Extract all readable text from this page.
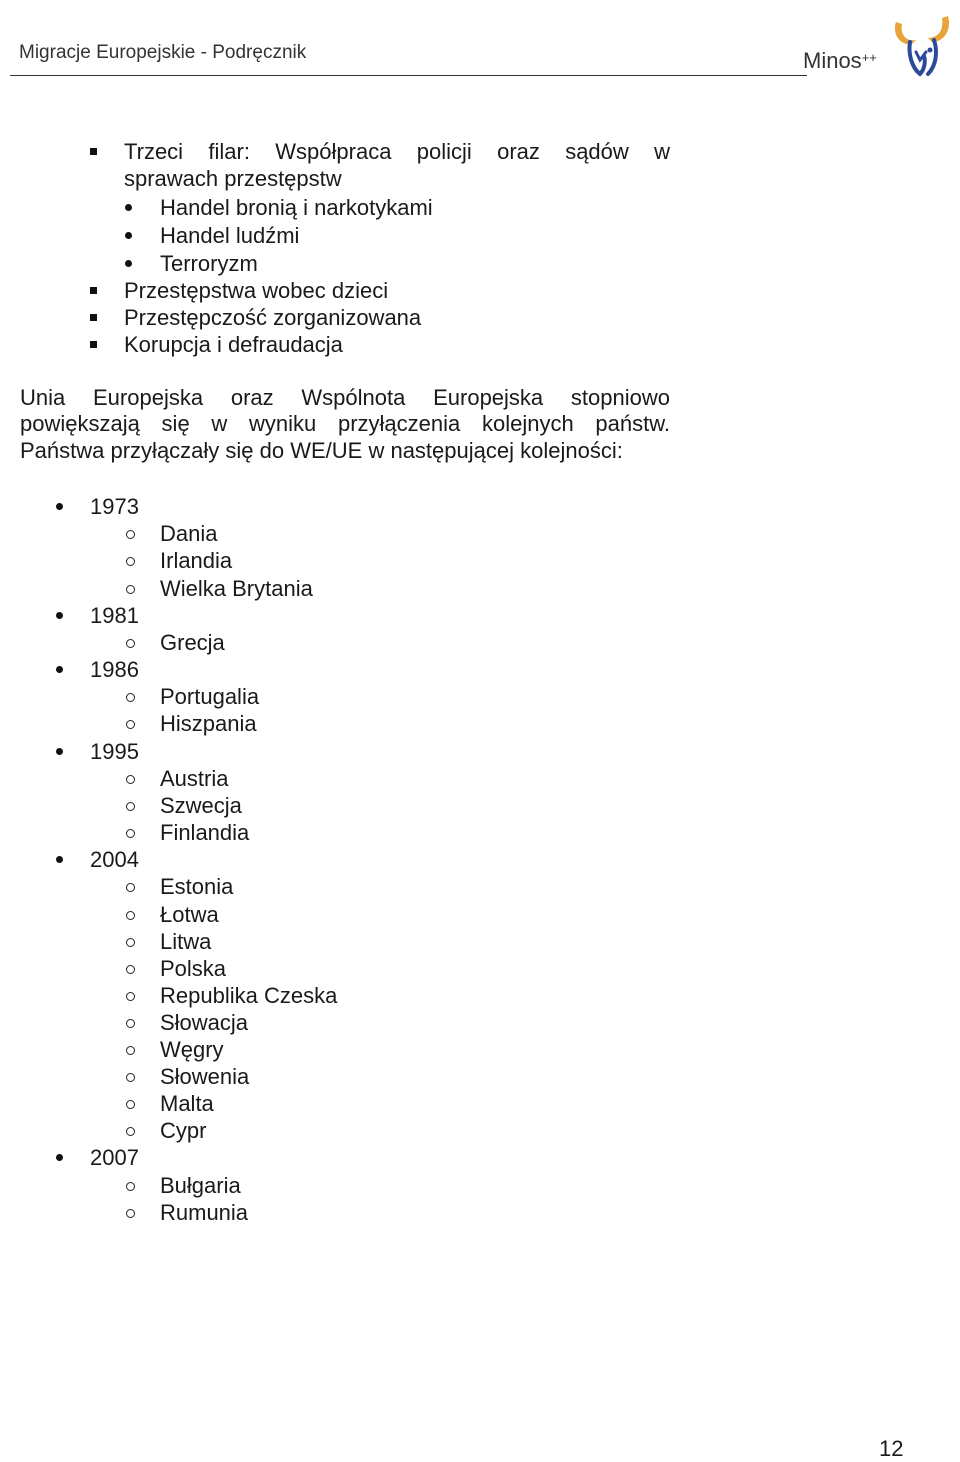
Migracje Europejskie - Podręcznik	Minos++
Trzeci filar: Współpraca policji oraz sądów w
sprawach przestępstw
Handel bronią i narkotykami
Handel ludźmi
Terroryzm
Przestępstwa wobec dzieci
Przestępczość zorganizowana
Korupcja i defraudacja
Unia Europejska oraz Wspólnota Europejska stopniowo
powiększają się w wyniku przyłączenia kolejnych państw.
Państwa przyłączały się do WE/UE w następującej kolejności:
1973
Dania
Irlandia
Wielka Brytania
1981
Grecja
1986
Portugalia
Hiszpania
1995
Austria
Szwecja
Finlandia
2004
Estonia
Łotwa
Litwa
Polska
Republika Czeska
Słowacja
Węgry
Słowenia
Malta
Cypr
2007
Bułgaria
Rumunia
12
